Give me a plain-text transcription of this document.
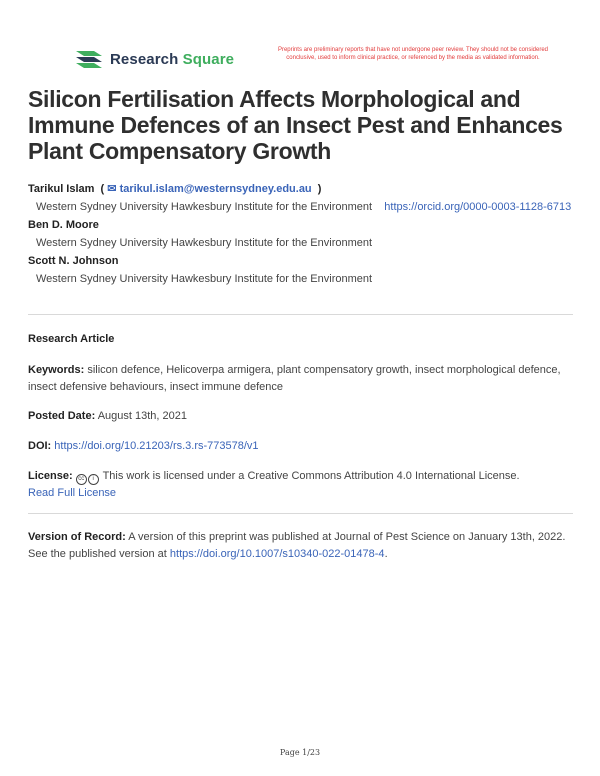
Research Square
Preprints are preliminary reports that have not undergone peer review. They should not be considered conclusive, used to inform clinical practice, or referenced by the media as validated information.
Silicon Fertilisation Affects Morphological and Immune Defences of an Insect Pest and Enhances Plant Compensatory Growth
Tarikul Islam  ( ✉ tarikul.islam@westernsydney.edu.au  )
Western Sydney University Hawkesbury Institute for the Environment https://orcid.org/0000-0003-1128-6713
Ben D. Moore
Western Sydney University Hawkesbury Institute for the Environment
Scott N. Johnson
Western Sydney University Hawkesbury Institute for the Environment
Research Article
Keywords: silicon defence, Helicoverpa armigera, plant compensatory growth, insect morphological defence, insect defensive behaviours, insect immune defence
Posted Date: August 13th, 2021
DOI: https://doi.org/10.21203/rs.3.rs-773578/v1
License: cc i This work is licensed under a Creative Commons Attribution 4.0 International License.
Read Full License
Version of Record: A version of this preprint was published at Journal of Pest Science on January 13th, 2022. See the published version at https://doi.org/10.1007/s10340-022-01478-4.
Page 1/23
